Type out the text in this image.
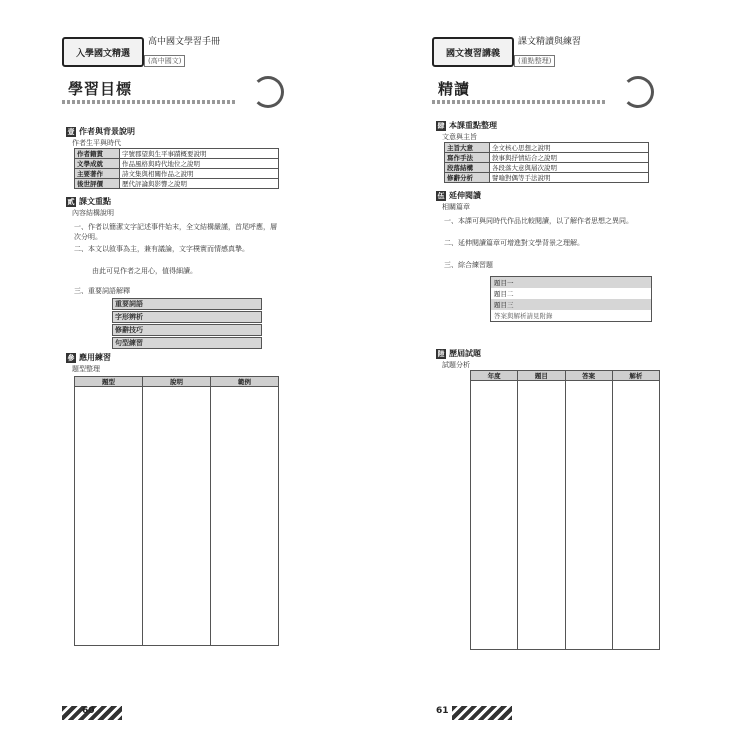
入學國文精選
高中國文學習手冊
(高中國文)
學習目標
壹 作者與背景說明
作者生平與時代
作者籍貫	字號郡望與生平事蹟概要說明
文學成就	作品風格與時代地位之說明
主要著作	詩文集與相關作品之說明
後世評價	歷代評論與影響之說明
貳 課文重點
內容結構說明
一、作者以簡潔文字記述事件始末，全文結構嚴謹，首尾呼應，層次分明。
二、本文以敘事為主，兼有議論，文字樸實而情感真摯。
由此可見作者之用心，值得細讀。
三、重要詞語解釋
重要詞語
字形辨析
修辭技巧
句型練習
參 應用練習
題型整理
題型	說明	範例

60
國文複習講義
課文精讀與練習
(重點整理)
精讀
肆 本課重點整理
文意與主旨
主旨大意	全文核心思想之說明
寫作手法	敘事與抒情結合之說明
段落結構	各段落大意與層次說明
修辭分析	譬喻對偶等手法說明
伍 延伸閱讀
相關篇章
一、本課可與同時代作品比較閱讀，以了解作者思想之異同。
二、延伸閱讀篇章可增進對文學背景之理解。
三、綜合練習題
題目一
題目二
題目三
答案與解析請見附錄
陸 歷屆試題
試題分析
年度	題目	答案	解析

61
